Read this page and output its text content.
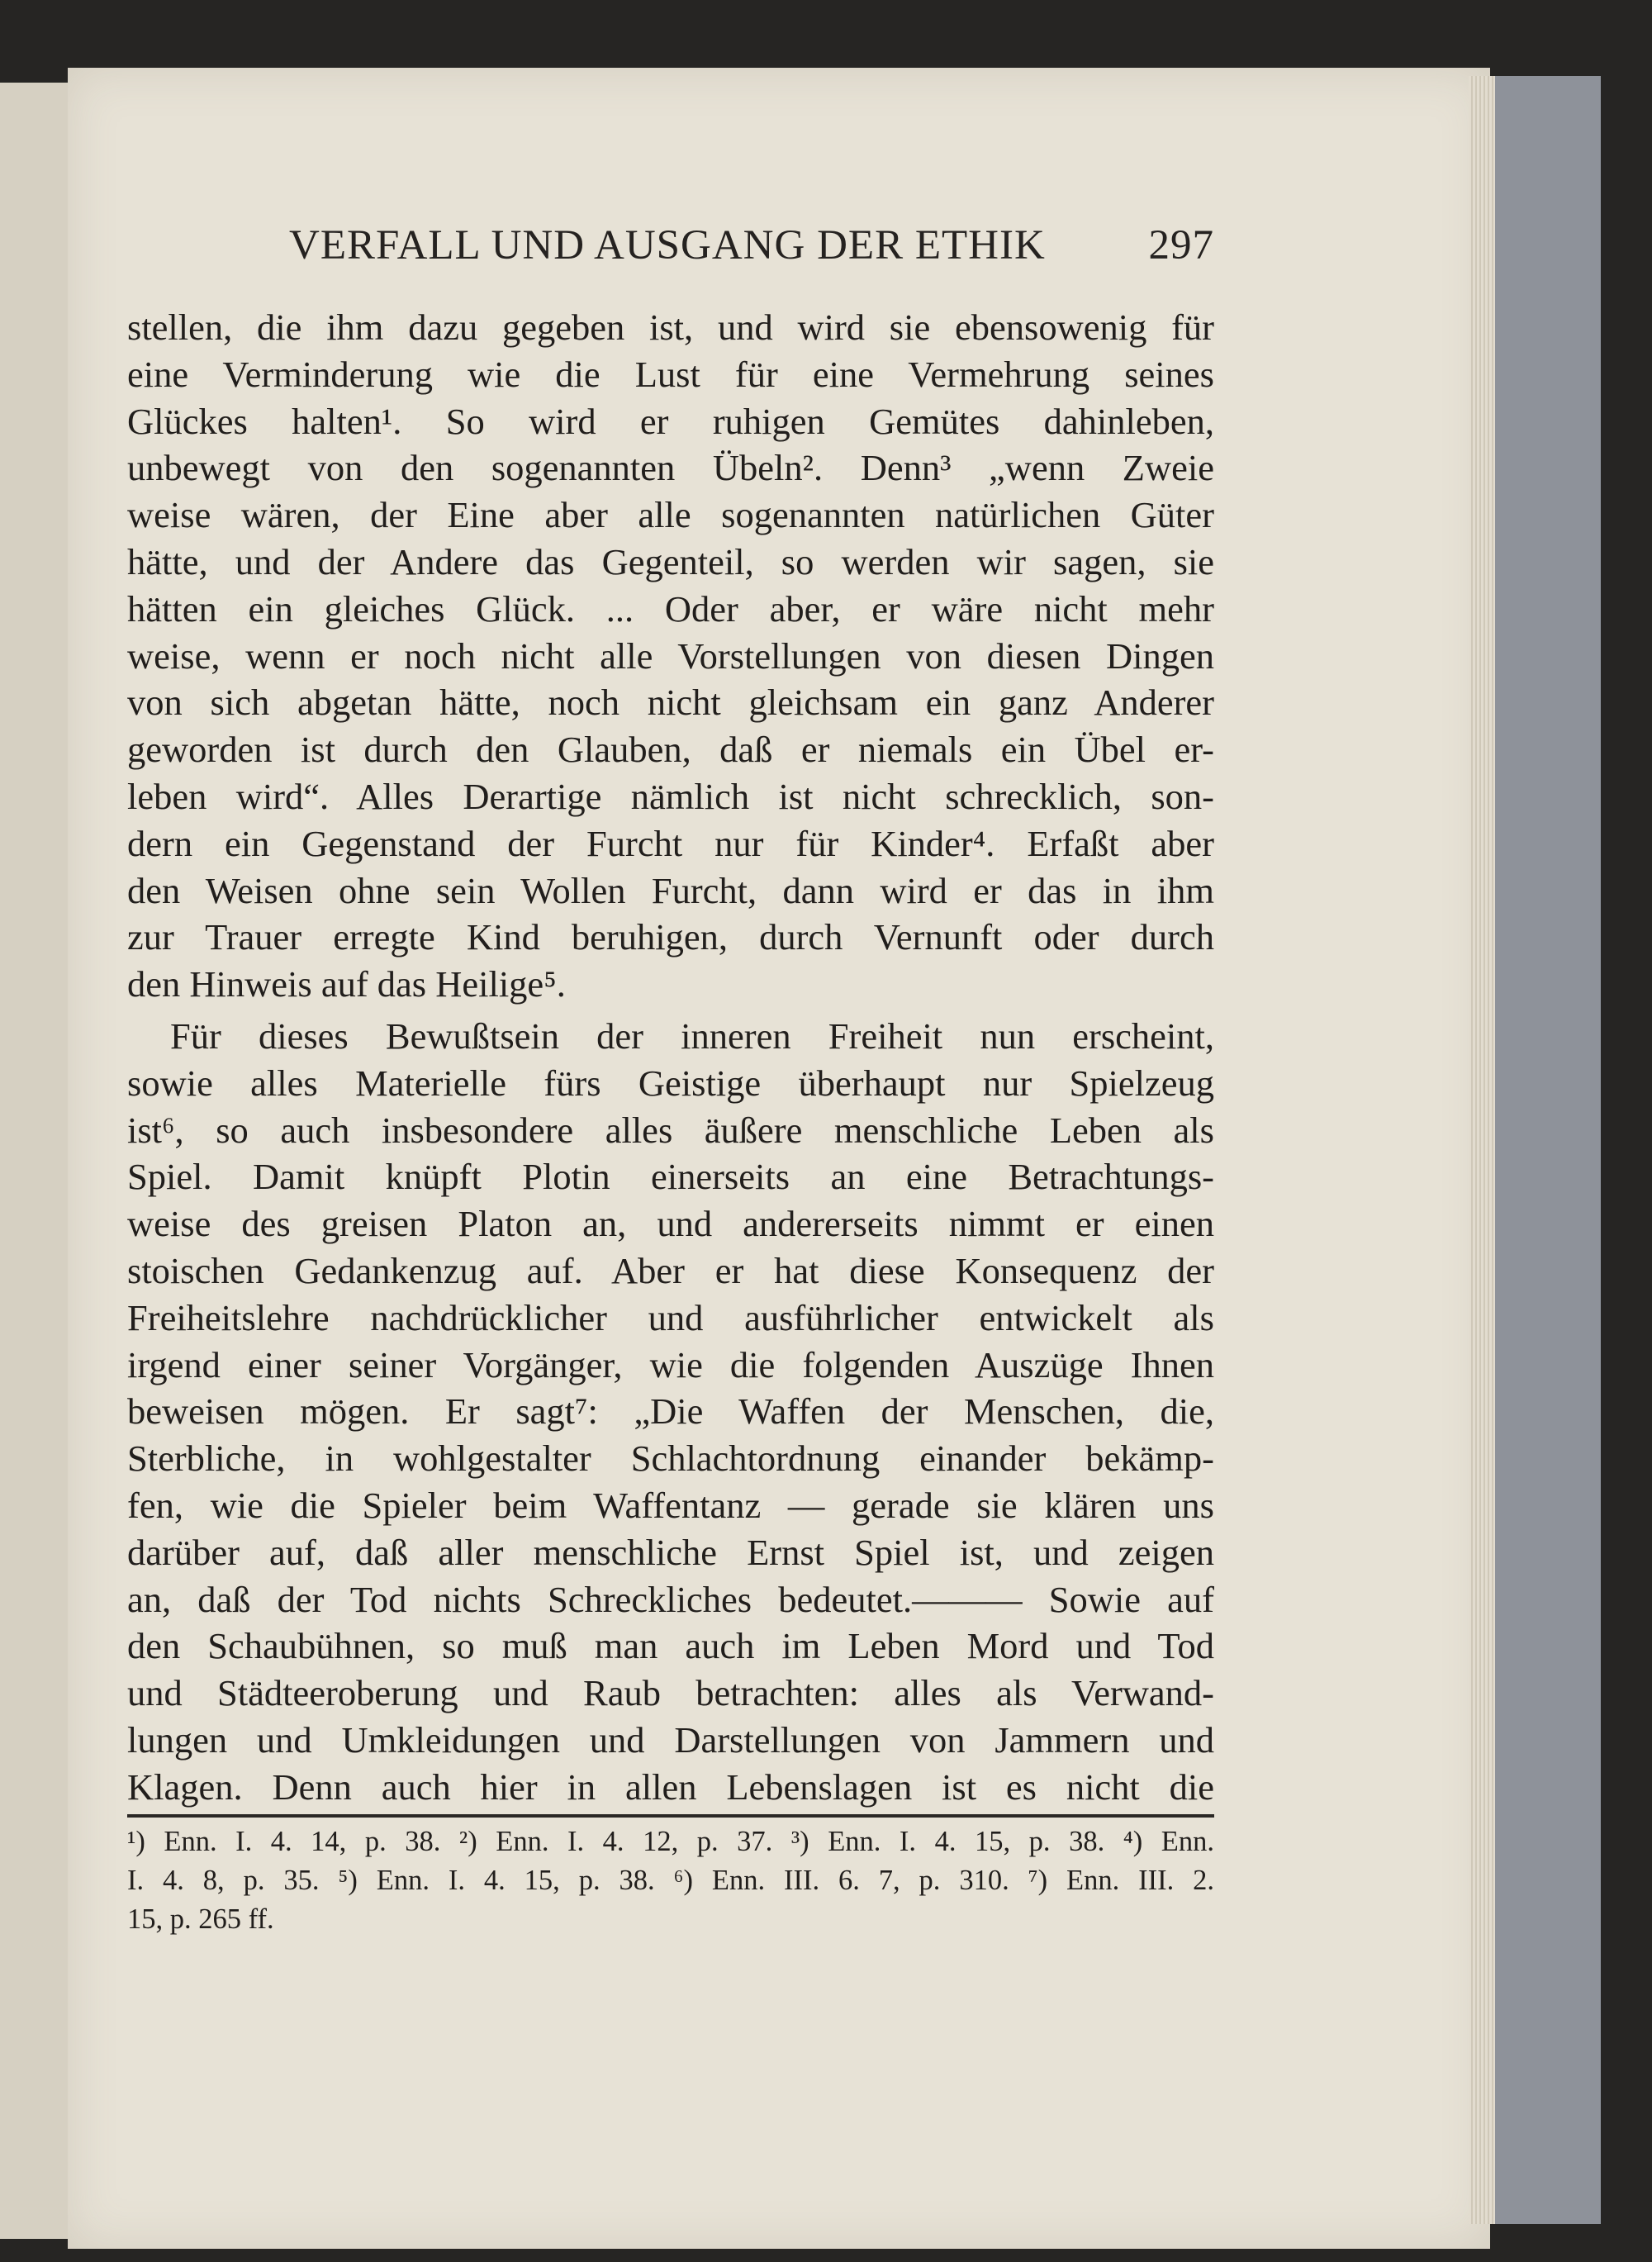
VERFALL UND AUSGANG DER ETHIK 297
stellen, die ihm dazu gegeben ist, und wird sie ebensowenig für
eine Verminderung wie die Lust für eine Vermehrung seines
Glückes halten¹. So wird er ruhigen Gemütes dahinleben,
unbewegt von den sogenannten Übeln². Denn³ „wenn Zweie
weise wären, der Eine aber alle sogenannten natürlichen Güter
hätte, und der Andere das Gegenteil, so werden wir sagen, sie
hätten ein gleiches Glück. ... Oder aber, er wäre nicht mehr
weise, wenn er noch nicht alle Vorstellungen von diesen Dingen
von sich abgetan hätte, noch nicht gleichsam ein ganz Anderer
geworden ist durch den Glauben, daß er niemals ein Übel er-
leben wird“. Alles Derartige nämlich ist nicht schrecklich, son-
dern ein Gegenstand der Furcht nur für Kinder⁴. Erfaßt aber
den Weisen ohne sein Wollen Furcht, dann wird er das in ihm
zur Trauer erregte Kind beruhigen, durch Vernunft oder durch
den Hinweis auf das Heilige⁵.
Für dieses Bewußtsein der inneren Freiheit nun erscheint,
sowie alles Materielle fürs Geistige überhaupt nur Spielzeug
ist⁶, so auch insbesondere alles äußere menschliche Leben als
Spiel. Damit knüpft Plotin einerseits an eine Betrachtungs-
weise des greisen Platon an, und andererseits nimmt er einen
stoischen Gedankenzug auf. Aber er hat diese Konsequenz der
Freiheitslehre nachdrücklicher und ausführlicher entwickelt als
irgend einer seiner Vorgänger, wie die folgenden Auszüge Ihnen
beweisen mögen. Er sagt⁷: „Die Waffen der Menschen, die,
Sterbliche, in wohlgestalter Schlachtordnung einander bekämp-
fen, wie die Spieler beim Waffentanz — gerade sie klären uns
darüber auf, daß aller menschliche Ernst Spiel ist, und zeigen
an, daß der Tod nichts Schreckliches bedeutet.——— Sowie auf
den Schaubühnen, so muß man auch im Leben Mord und Tod
und Städteeroberung und Raub betrachten: alles als Verwand-
lungen und Umkleidungen und Darstellungen von Jammern und
Klagen. Denn auch hier in allen Lebenslagen ist es nicht die
¹) Enn. I. 4. 14, p. 38. ²) Enn. I. 4. 12, p. 37. ³) Enn. I. 4. 15, p. 38. ⁴) Enn.
I. 4. 8, p. 35. ⁵) Enn. I. 4. 15, p. 38. ⁶) Enn. III. 6. 7, p. 310. ⁷) Enn. III. 2.
15, p. 265 ff.
